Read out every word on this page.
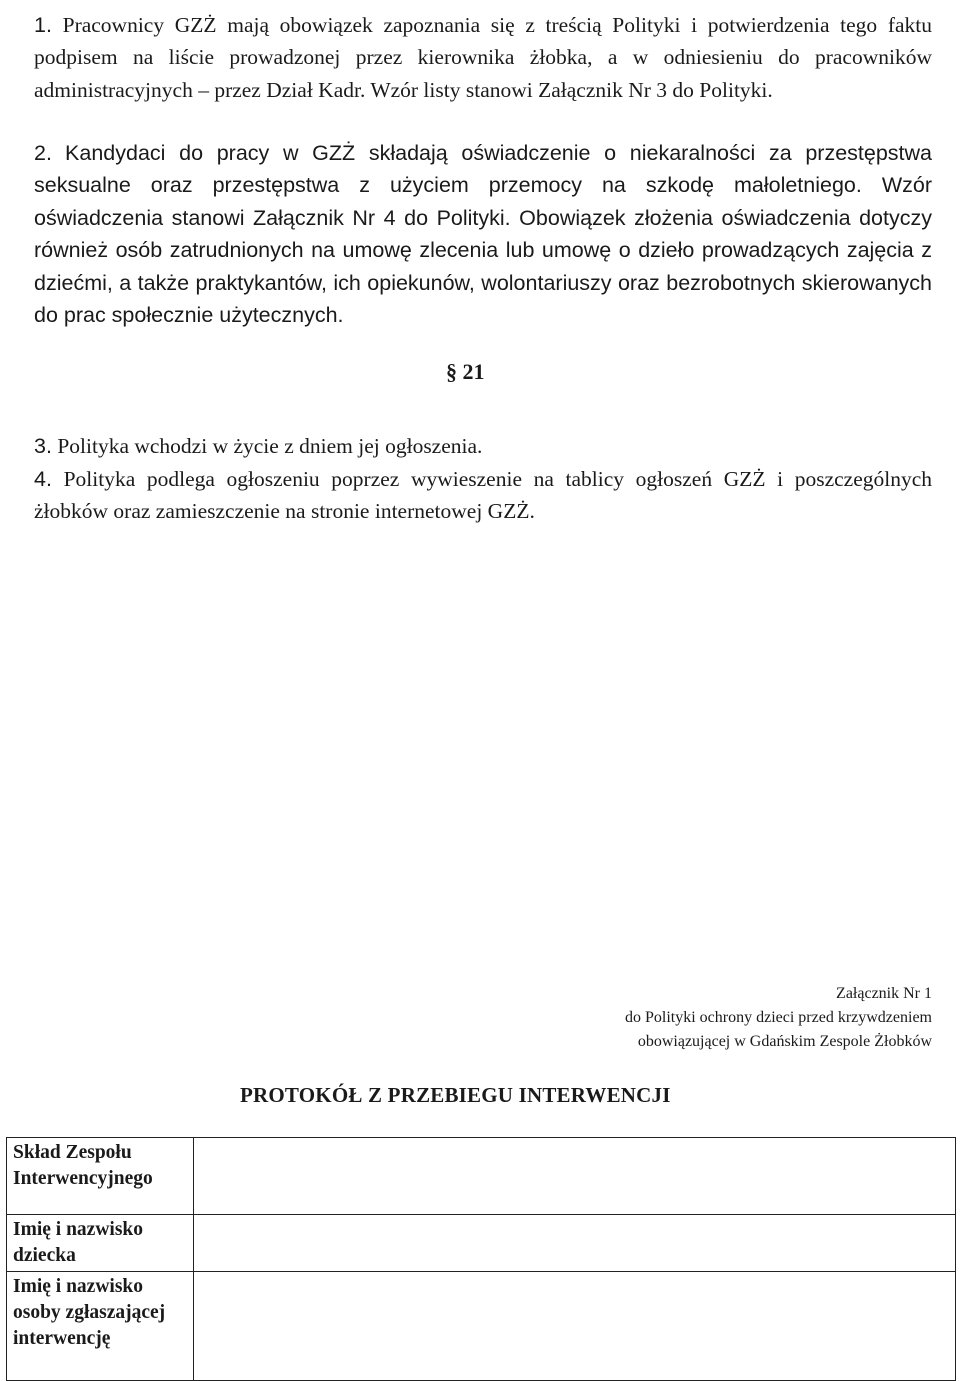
1. Pracownicy GZŻ mają obowiązek zapoznania się z treścią Polityki i potwierdzenia tego faktu podpisem na liście prowadzonej przez kierownika żłobka, a w odniesieniu do pracowników administracyjnych – przez Dział Kadr. Wzór listy stanowi Załącznik Nr 3 do Polityki.

2. Kandydaci do pracy w GZŻ składają oświadczenie o niekaralności za przestępstwa seksualne oraz przestępstwa z użyciem przemocy na szkodę małoletniego. Wzór oświadczenia stanowi Załącznik Nr 4 do Polityki. Obowiązek złożenia oświadczenia dotyczy również osób zatrudnionych na umowę zlecenia lub umowę o dzieło prowadzących zajęcia z dziećmi, a także praktykantów, ich opiekunów, wolontariuszy oraz bezrobotnych skierowanych do prac społecznie użytecznych.

§ 21

3. Polityka wchodzi w życie z dniem jej ogłoszenia.

4. Polityka podlega ogłoszeniu poprzez wywieszenie na tablicy ogłoszeń GZŻ i poszczególnych żłobków oraz zamieszczenie na stronie internetowej GZŻ.

Załącznik Nr 1
do Polityki ochrony dzieci przed krzywdzeniem
obowiązującej w Gdańskim Zespole Żłobków
PROTOKÓŁ Z PRZEBIEGU INTERWENCJI
Skład Zespołu Interwencyjnego	
Imię i nazwisko dziecka	
Imię i nazwisko osoby zgłaszającej interwencję	
